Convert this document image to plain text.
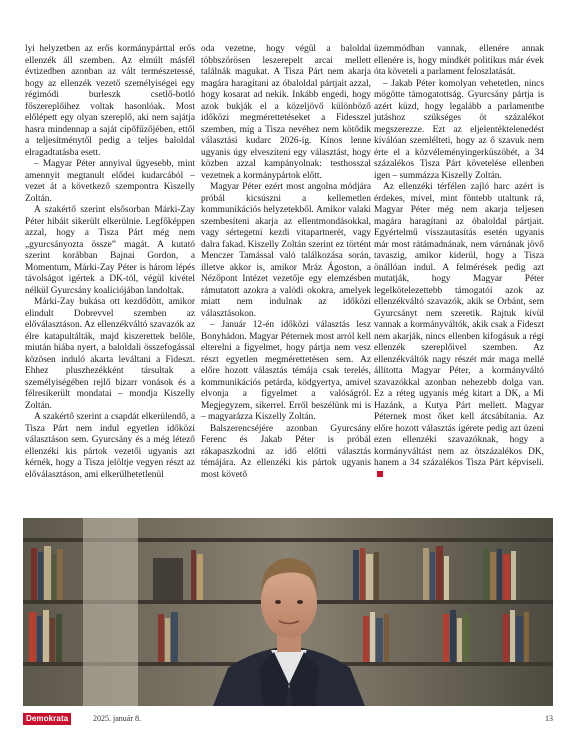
lyi helyzetben az erős kormánypárttal erős ellenzék áll szemben. Az elmúlt másfél évtizedben azonban az vált természetessé, hogy az ellenzék vezető személyiségei egy régimódi burleszk csetlő-botló főszereplőihez voltak hasonlóak. Most előlépett egy olyan szereplő, aki nem sajátja hasra mindennap a saját cipőfűzőjében, ettől a teljesítménytől pedig a teljes baloldal elragadtatásba esett.

– Magyar Péter annyival ügyesebb, mint amennyit megtanult elődei kudarcából – vezet át a következő szempontra Kiszelly Zoltán.

A szakértő szerint elsősorban Márki-Zay Péter hibáit sikerült elkerülnie. Legfőképpen azzal, hogy a Tisza Párt még nem „gyurcsányozta össze” magát. A kutató szerint korábban Bajnai Gordon, a Momentum, Márki-Zay Péter is három lépés távolságot igértek a DK-tól, végül kivétel nélkül Gyurcsány koalíciójában landoltak.

Márki-Zay bukása ott kezdődött, amikor elindult Dobrevvel szemben az előválasztáson. Az ellenzékváltó szavazók az élre katapultálták, majd kiszerettek belőle, miután hiába nyert, a baloldali összefogással közösen induló akarta leváltani a Fideszt. Ehhez pluszhezékként társultak a személyiségében rejlő bizarr vonások és a félresikerült mondatai – mondja Kiszelly Zoltán.

A szakértő szerint a csapdát elkerülendő, a Tisza Párt nem indul egyetlen időközi választáson sem. Gyurcsány és a még létező ellenzéki kis pártok vezetői ugyanis azt kérnék, hogy a Tisza jelöltje vegyen részt az előválasztáson, ami elkerülhetetlenül

oda vezetne, hogy végül a baloldal többszörösen leszerepelt arcai mellett találnák magukat. A Tisza Párt nem akarja magára haragítani az óbaloldal pártjait azzal, hogy kosarat ad nekik. Inkább engedi, hogy azok bukják el a közeljövő különböző időközi megmérettetéseket a Fidesszel szemben, míg a Tisza nevéhez nem kötődik választási kudarc 2026-ig. Kínos lenne ugyanis úgy elveszíteni egy választást, hogy közben azzal kampányolnak: testhosszal vezetnek a kormánypártok előtt.

Magyar Péter ezért most angolna módjára próbál kicsúszni a kellemetlen kommunikációs helyzetekből. Amikor valaki szembesíteni akarja az ellentmondásokkal, vagy sértegetni kezdi vitapartnerét, vagy dalra fakad. Kiszelly Zoltán szerint ez történt Menczer Tamással való találkozása során, illetve akkor is, amikor Mráz Ágoston, a Nézőpont Intézet vezetője egy elemzésben rámutatott azokra a valódi okokra, amelyek miatt nem indulnak az időközi választásokon.

– Január 12-én időközi választás lesz Bonyhádon. Magyar Péternek most arról kell elterelni a figyelmet, hogy pártja nem vesz részt egyetlen megmérettetésen sem. Az előre hozott választás témája csak terelés, kommunikációs petárda, ködgyertya, amivel elvonja a figyelmet a valóságról. Megjegyzem, sikerrel. Erről beszélünk mi is – magyarázza Kiszelly Zoltán.

Balszerencséjére azonban Gyurcsány Ferenc és Jakab Péter is próbál rákapaszkodni az idő előtti választás témájára. Az ellenzéki kis pártok ugyanis most követő

üzemmódban vannak, ellenére annak ellenére is, hogy mindkét politikus már évek óta követeli a parlament feloszlatását.

– Jakab Péter komolyan vehetetlen, nincs mögötte támogatottság. Gyurcsány pártja is azért küzd, hogy legalább a parlamentbe jutáshoz szükséges öt százalékot megszerezze. Ezt az eljelentéktelenedést kíválóan szemlélteti, hogy az ő szavuk nem érte el a közvéleményingerküszöbét, a 34 százalékos Tisza Párt követelése ellenben igen – summázza Kiszelly Zoltán.

Az ellenzéki térfélen zajló harc azért is érdekes, mivel, mint föntebb utaltunk rá, Magyar Péter még nem akarja teljesen magára haragítani az óbaloldal pártjait. Egyértelmű visszautasítás esetén ugyanis már most rátámadnának, nem várnának jövő tavaszig, amikor kiderül, hogy a Tisza önállóan indul. A felmérések pedig azt mutatják, hogy Magyar Péter legelkötelezettebb támogatói azok az ellenzékváltó szavazók, akik se Orbánt, sem Gyurcsányt nem szeretik. Rajtuk kívül vannak a kormányváltók, akik csak a Fideszt nem akarják, nincs ellenben kifogásuk a régi ellenzék szereplőivel szemben. Az ellenzékváltók nagy részét már maga mellé állította Magyar Péter, a kormányváltó szavazókkal azonban nehezebb dolga van. Ez a réteg ugyanis még kitart a DK, a Mi Hazánk, a Kutya Párt mellett. Magyar Péternek most őket kell átcsábítania. Az előre hozott választás igérete pedig azt üzeni ezen ellenzéki szavazóknak, hogy a kormányváltást nem az ötszázalékos DK, hanem a 34 százalékos Tisza Párt képviseli.

Demokrata	2025. január 8.	13
